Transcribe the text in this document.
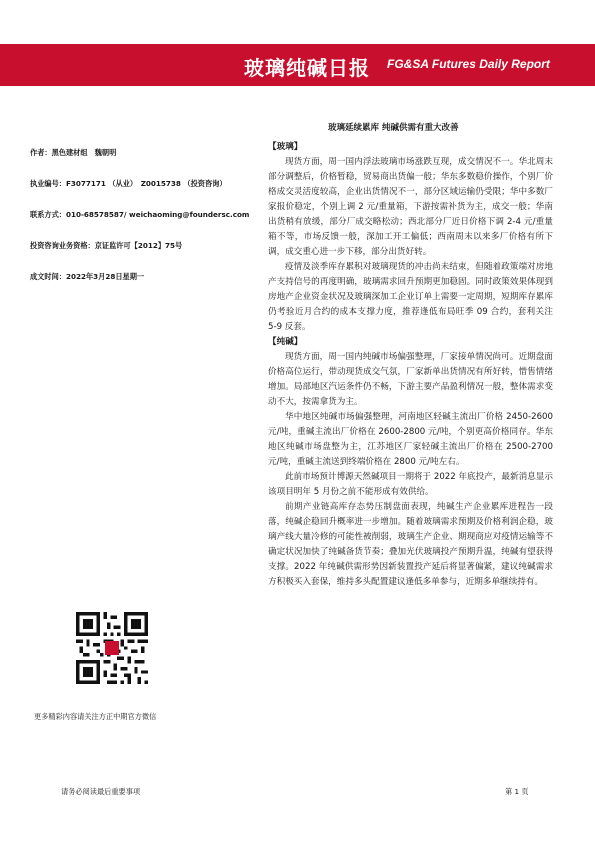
玻璃纯碱日报 FG&SA Futures Daily Report
玻璃延续累库 纯碱供需有重大改善
作者：黑色建材组　魏朝明
执业编号：F3077171 （从业）　Z0015738 （投资咨询）
联系方式：010-68578587/ weichaoming@foundersc.com
投资咨询业务资格：京证监许可【2012】75号
成文时间：2022年3月28日星期一
【玻璃】

现货方面，周一国内浮法玻璃市场涨跌互现，成交情况不一。华北周末部分调整后，价格暂稳，贸易商出货偏一般；华东多数稳价操作，个别厂价格成交灵活度较高，企业出货情况不一，部分区域运输仍受限；华中多数厂家报价稳定，个别上调 2 元/重量箱，下游按需补货为主，成交一般；华南出货稍有放缓，部分厂成交略松动；西北部分厂近日价格下调 2-4 元/重量箱不等，市场反馈一般，深加工开工偏低；西南周末以来多厂价格有所下调，成交重心进一步下移，部分出货好转。

疫情及淡季库存累积对玻璃现货的冲击尚未结束，但随着政策端对房地产支持信号的再度明确，玻璃需求回升预期更加稳固。同时政策效果体现到房地产企业资金状况及玻璃深加工企业订单上需要一定周期，短期库存累库仍考验近月合约的成本支撑力度，推荐逢低布局旺季 09 合约，套利关注 5-9 反套。

【纯碱】

现货方面，周一国内纯碱市场偏强整理，厂家接单情况尚可。近期盘面价格高位运行，带动现货成交气氛，厂家新单出货情况有所好转，惜售情绪增加。局部地区汽运条件仍不畅，下游主要产品盈利情况一般，整体需求变动不大，按需拿货为主。

华中地区纯碱市场偏强整理，河南地区轻碱主流出厂价格 2450-2600 元/吨，重碱主流出厂价格在 2600-2800 元/吨，个别更高价格同存。华东地区纯碱市场盘整为主，江苏地区厂家轻碱主流出厂价格在 2500-2700 元/吨，重碱主流送到终端价格在 2800 元/吨左右。

此前市场预计博源天然碱项目一期将于 2022 年底投产，最新消息显示该项目明年 5 月份之前不能形成有效供给。

前期产业链高库存态势压制盘面表现，纯碱生产企业累库进程告一段落，纯碱企稳回升概率进一步增加。随着玻璃需求预期及价格利润企稳，玻璃产线大量冷修的可能性被削弱，玻璃生产企业、期现商应对疫情运输等不确定状况加快了纯碱备货节奏；叠加光伏玻璃投产预期升温，纯碱有望获得支撑。2022 年纯碱供需形势因新装置投产延后将显著偏紧，建议纯碱需求方积极买入套保，维持多头配置建议逢低多单参与，近期多单继续持有。

更多精彩内容请关注方正中期官方微信
请务必阅读最后重要事项	第 1 页
